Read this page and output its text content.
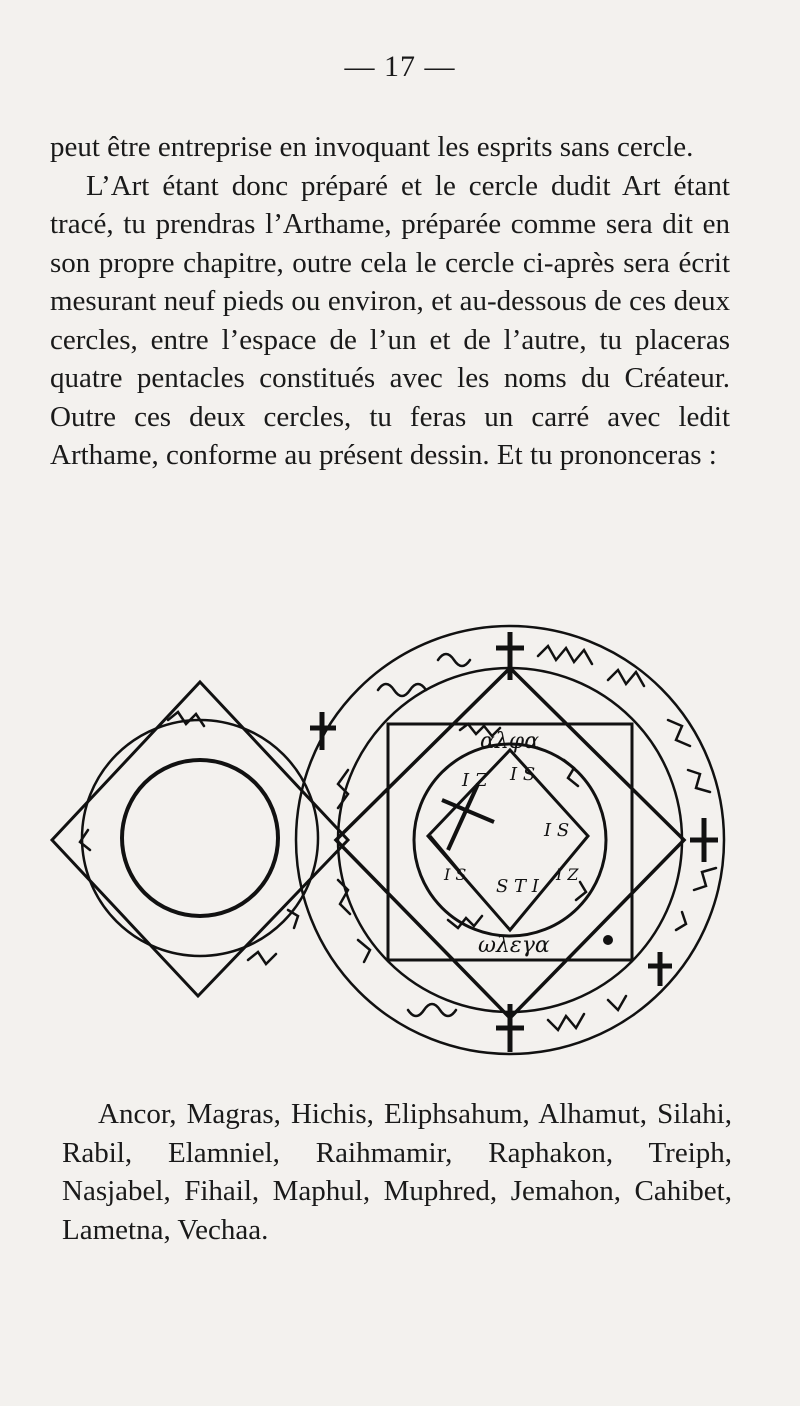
— 17 —

peut être entreprise en invoquant les esprits sans cercle.

L’Art étant donc préparé et le cercle dudit Art étant tracé, tu prendras l’Arthame, préparée comme sera dit en son propre chapitre, outre cela le cercle ci-après sera écrit mesurant neuf pieds ou environ, et au-dessous de ces deux cercles, entre l’espace de l’un et de l’autre, tu placeras quatre pentacles constitués avec les noms du Créateur. Outre ces deux cercles, tu feras un carré avec ledit Arthame, conforme au présent dessin. Et tu prononceras :

αλφα
ωλεγα
I Z I S
I S
S T I
I Z
I S

Ancor, Magras, Hichis, Eliphsahum, Alhamut, Silahi, Rabil, Elamniel, Raihmamir, Raphakon, Treiph, Nasjabel, Fihail, Maphul, Muphred, Jemahon, Cahibet, Lametna, Vechaa.
